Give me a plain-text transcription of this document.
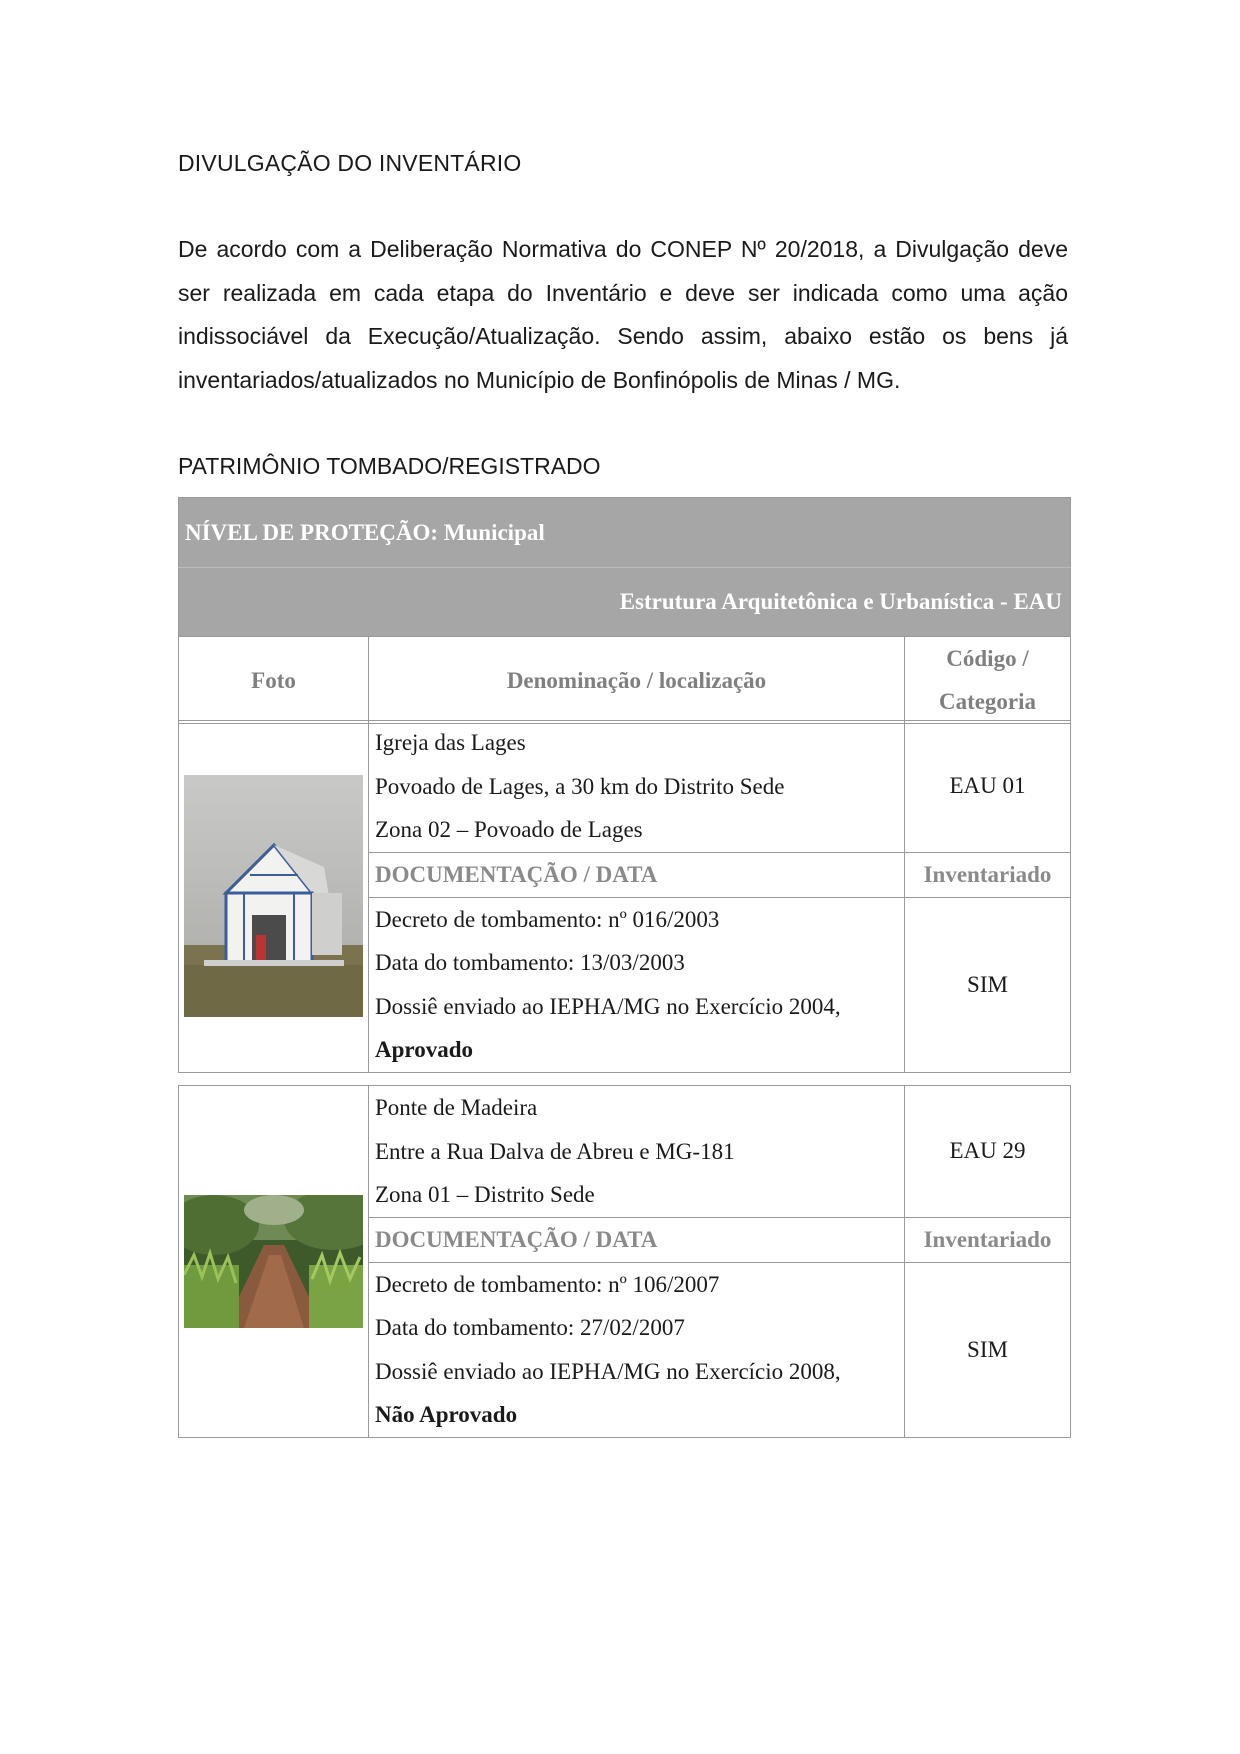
DIVULGAÇÃO DO INVENTÁRIO

De acordo com a Deliberação Normativa do CONEP Nº 20/2018, a Divulgação deve ser realizada em cada etapa do Inventário e deve ser indicada como uma ação indissociável da Execução/Atualização. Sendo assim, abaixo estão os bens já inventariados/atualizados no Município de Bonfinópolis de Minas / MG.

PATRIMÔNIO TOMBADO/REGISTRADO
NÍVEL DE PROTEÇÃO: Municipal
Estrutura Arquitetônica e Urbanística - EAU
Foto	Denominação / localização	Código /
Categoria

Igreja das Lages
Povoado de Lages, a 30 km do Distrito Sede
Zona 02 – Povoado de Lages	EAU 01
	DOCUMENTAÇÃO / DATA	Inventariado

	Decreto de tombamento: nº 016/2003
Data do tombamento: 13/03/2003
Dossiê enviado ao IEPHA/MG no Exercício 2004,
Aprovado	SIM

Ponte de Madeira
Entre a Rua Dalva de Abreu e MG-181
Zona 01 – Distrito Sede	EAU 29
	DOCUMENTAÇÃO / DATA	Inventariado

	Decreto de tombamento: nº 106/2007
Data do tombamento: 27/02/2007
Dossiê enviado ao IEPHA/MG no Exercício 2008,
Não Aprovado	SIM
